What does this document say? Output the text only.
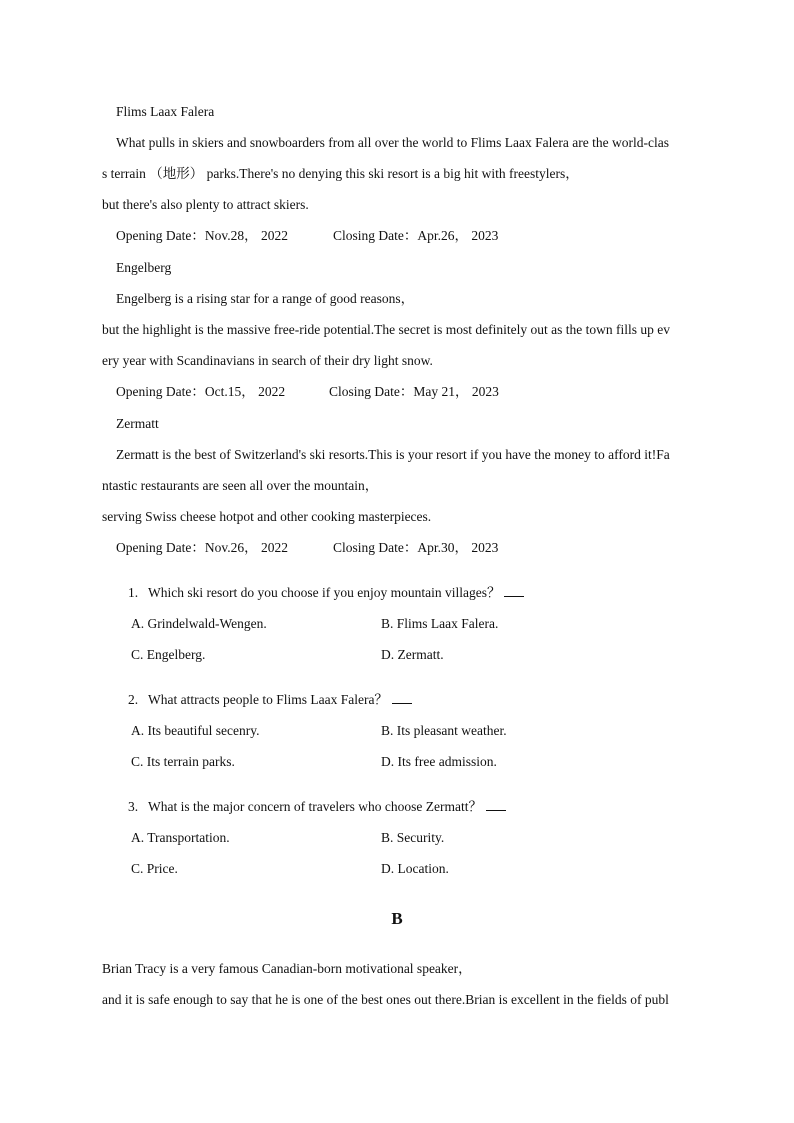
Flims Laax Falera
What pulls in skiers and snowboarders from all over the world to Flims Laax Falera are the world-clas
s terrain （地形） parks.There's no denying this ski resort is a big hit with freestylers，
but there's also plenty to attract skiers.
Opening Date：Nov.28， 2022	Closing Date：Apr.26， 2023
Engelberg
Engelberg is a rising star for a range of good reasons，
but the highlight is the massive free-ride potential.The secret is most definitely out as the town fills up ev
ery year with Scandinavians in search of their dry light snow.
Opening Date：Oct.15， 2022	Closing Date：May 21， 2023
Zermatt
Zermatt is the best of Switzerland's ski resorts.This is your resort if you have the money to afford it!Fa
ntastic restaurants are seen all over the mountain，
serving Swiss cheese hotpot and other cooking masterpieces.
Opening Date：Nov.26， 2022	Closing Date：Apr.30， 2023
1. Which ski resort do you choose if you enjoy mountain villages？
A. Grindelwald-Wengen.	B. Flims Laax Falera.
C. Engelberg.	D. Zermatt.
2. What attracts people to Flims Laax Falera？
A. Its beautiful secenry.	B. Its pleasant weather.
C. Its terrain parks.	D. Its free admission.
3. What is the major concern of travelers who choose Zermatt？
A. Transportation.	B. Security.
C. Price.	D. Location.
B
Brian Tracy is a very famous Canadian-born motivational speaker，
and it is safe enough to say that he is one of the best ones out there.Brian is excellent in the fields of publ
